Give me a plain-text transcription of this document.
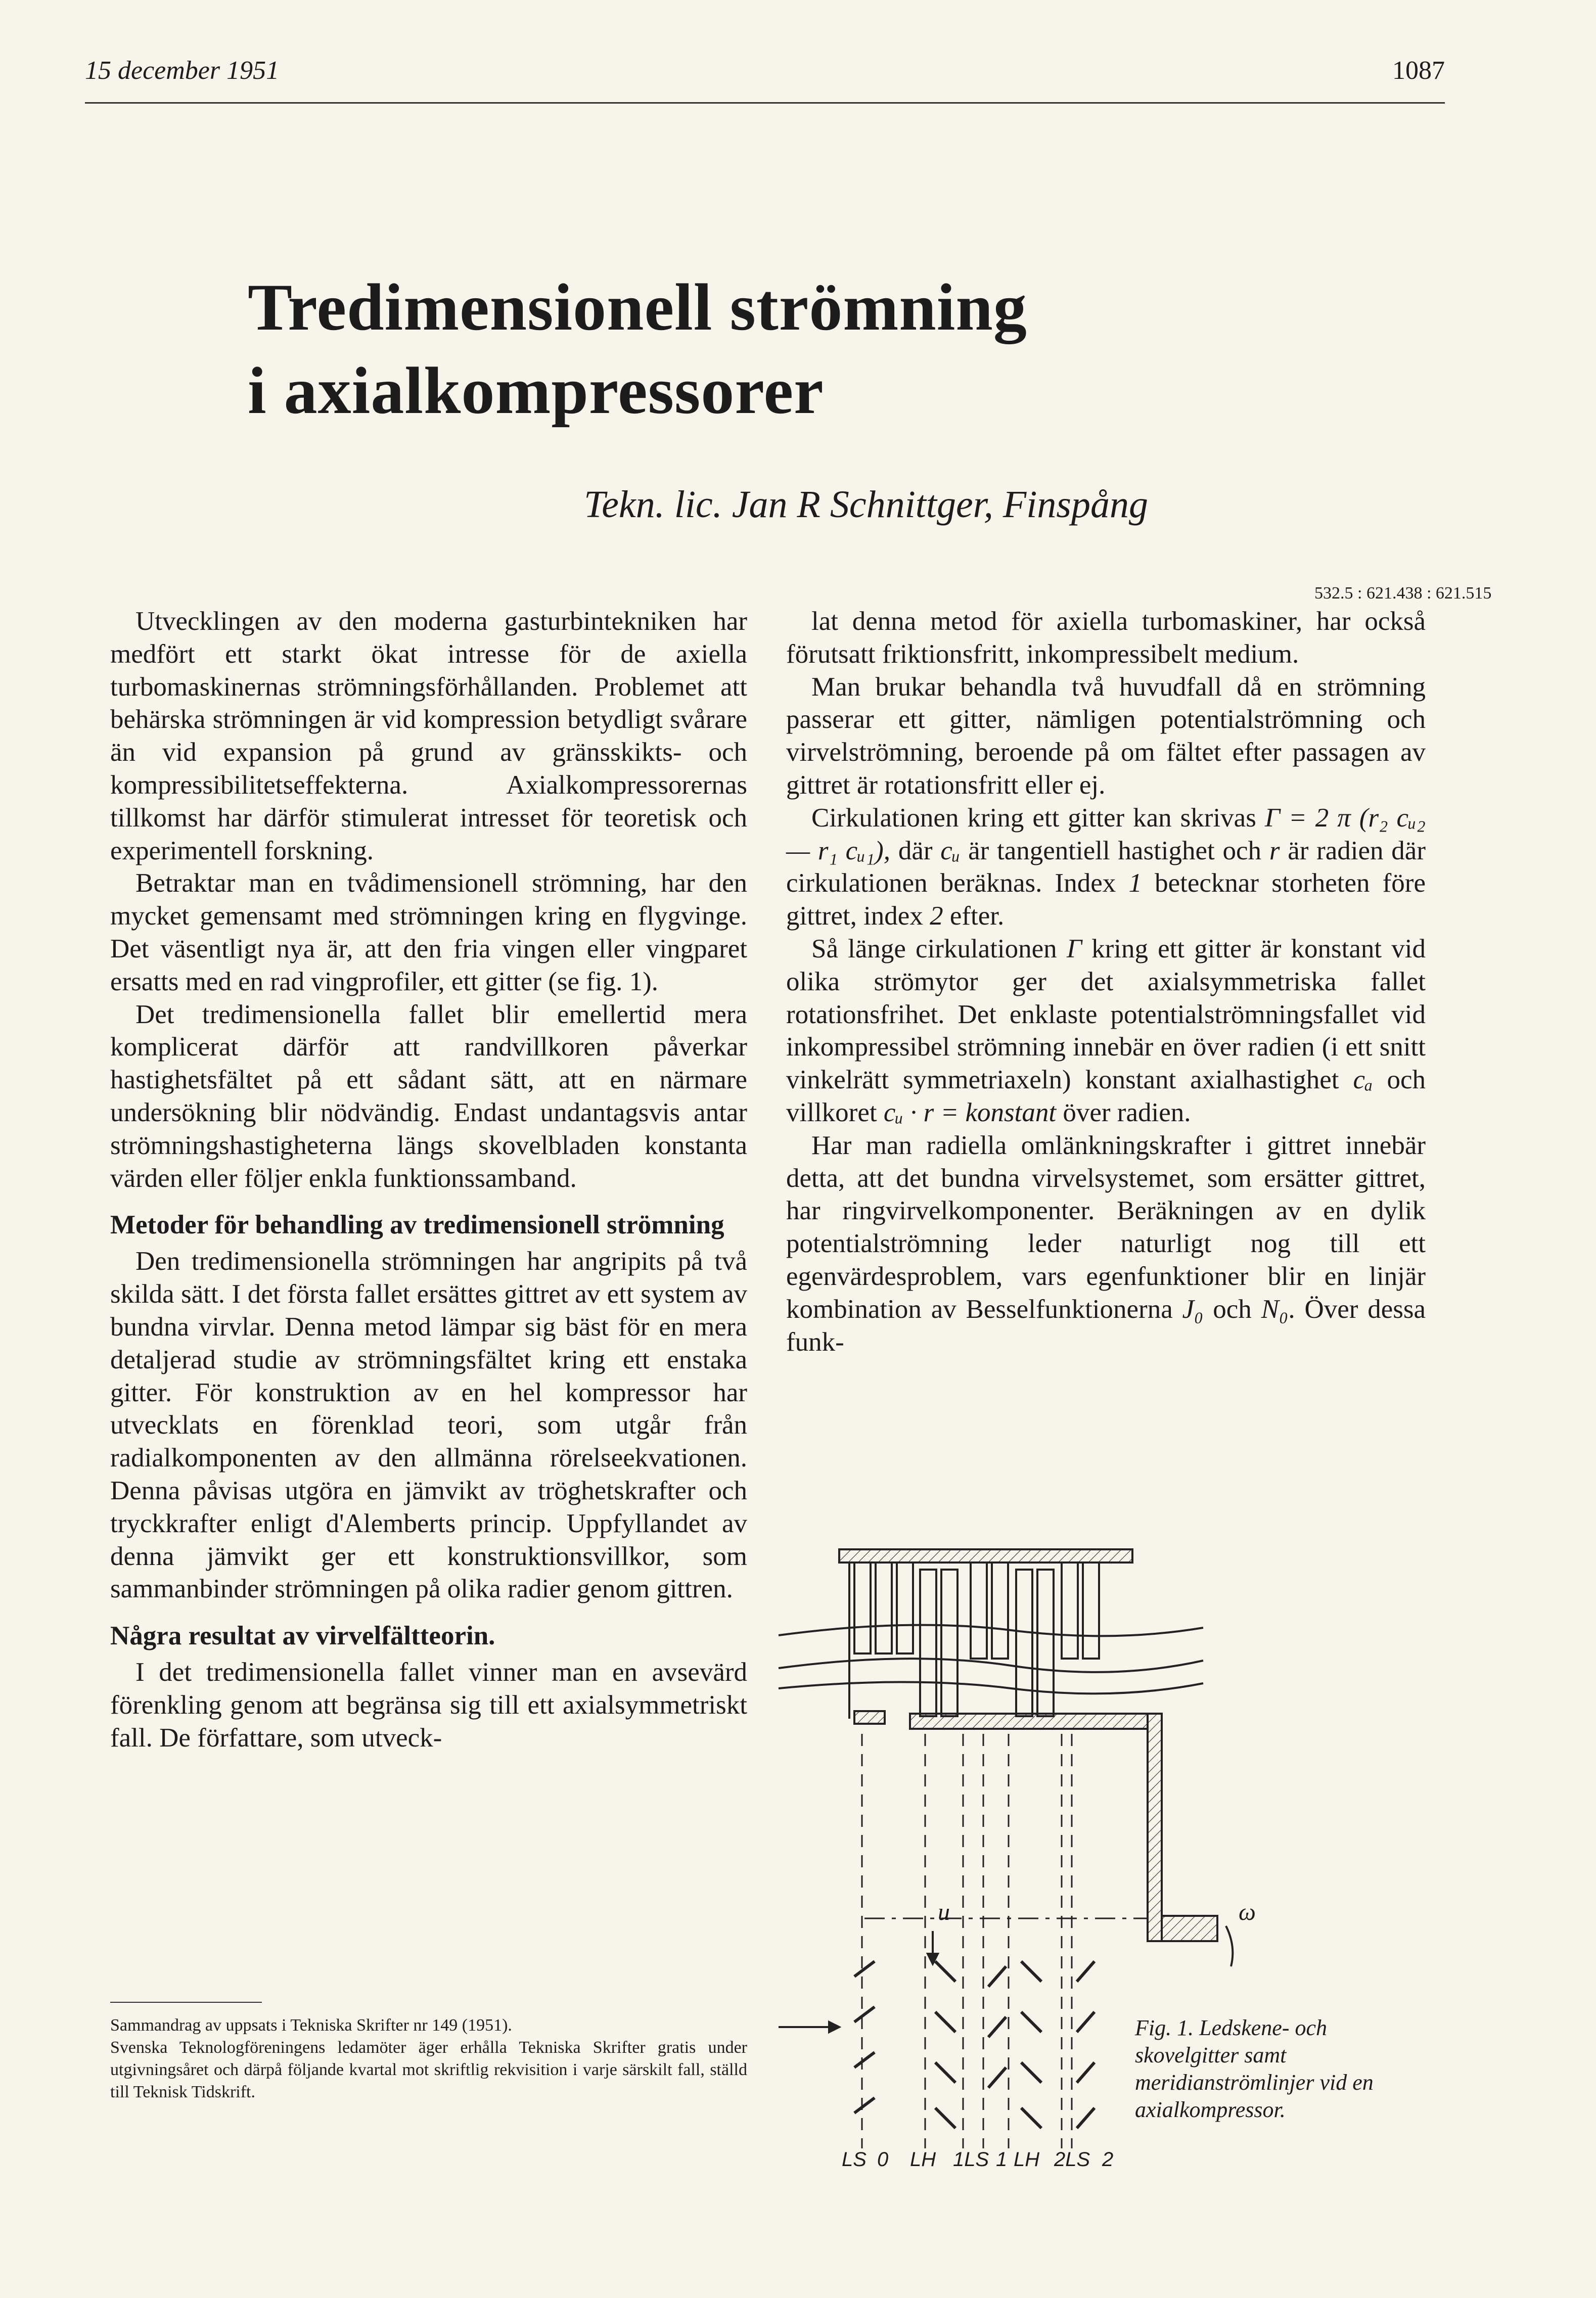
15 december 1951	1087
Tredimensionell strömning
i axialkompressorer
Tekn. lic. Jan R Schnittger, Finspång
532.5 : 621.438 : 621.515

Utvecklingen av den moderna gasturbintekniken har medfört ett starkt ökat intresse för de axiella turbomaskinernas strömningsförhållanden. Problemet att behärska strömningen är vid kompression betydligt svårare än vid expansion på grund av gränsskikts- och kompressibilitetseffekterna. Axialkompressorernas tillkomst har därför stimulerat intresset för teoretisk och experimentell forskning.

Betraktar man en tvådimensionell strömning, har den mycket gemensamt med strömningen kring en flygvinge. Det väsentligt nya är, att den fria vingen eller vingparet ersatts med en rad vingprofiler, ett gitter (se fig. 1).

Det tredimensionella fallet blir emellertid mera komplicerat därför att randvillkoren påverkar hastighetsfältet på ett sådant sätt, att en närmare undersökning blir nödvändig. Endast undantagsvis antar strömningshastigheterna längs skovelbladen konstanta värden eller följer enkla funktionssamband.

Metoder för behandling av tredimensionell strömning

Den tredimensionella strömningen har angripits på två skilda sätt. I det första fallet ersättes gittret av ett system av bundna virvlar. Denna metod lämpar sig bäst för en mera detaljerad studie av strömningsfältet kring ett enstaka gitter. För konstruktion av en hel kompressor har utvecklats en förenklad teori, som utgår från radialkomponenten av den allmänna rörelseekvationen. Denna påvisas utgöra en jämvikt av tröghetskrafter och tryckkrafter enligt d'Alemberts princip. Uppfyllandet av denna jämvikt ger ett konstruktionsvillkor, som sammanbinder strömningen på olika radier genom gittren.

Några resultat av virvelfältteorin.

I det tredimensionella fallet vinner man en avsevärd förenkling genom att begränsa sig till ett axialsymmetriskt fall. De författare, som utveck-

Sammandrag av uppsats i Tekniska Skrifter nr 149 (1951).

Svenska Teknologföreningens ledamöter äger erhålla Tekniska Skrifter gratis under utgivningsåret och därpå följande kvartal mot skriftlig rekvisition i varje särskilt fall, ställd till Teknisk Tidskrift.

lat denna metod för axiella turbomaskiner, har också förutsatt friktionsfritt, inkompressibelt medium.

Man brukar behandla två huvudfall då en strömning passerar ett gitter, nämligen potentialströmning och virvelströmning, beroende på om fältet efter passagen av gittret är rotationsfritt eller ej.

Cirkulationen kring ett gitter kan skrivas Γ = 2 π (r₂ cᵤ₂ — r₁ cᵤ₁), där cᵤ är tangentiell hastighet och r är radien där cirkulationen beräknas. Index 1 betecknar storheten före gittret, index 2 efter.

Så länge cirkulationen Γ kring ett gitter är konstant vid olika strömytor ger det axialsymmetriska fallet rotationsfrihet. Det enklaste potentialströmningsfallet vid inkompressibel strömning innebär en över radien (i ett snitt vinkelrätt symmetriaxeln) konstant axialhastighet cₐ och villkoret cᵤ · r = konstant över radien.

Har man radiella omlänkningskrafter i gittret innebär detta, att det bundna virvelsystemet, som ersätter gittret, har ringvirvelkomponenter. Beräkningen av en dylik potentialströmning leder naturligt nog till ett egenvärdesproblem, vars egenfunktioner blir en linjär kombination av Besselfunktionerna J₀ och N₀. Över dessa funk-

u	ω
LS 0 LH 1LS 1 LH 2LS 2
Fig. 1. Ledskene- och skovelgitter samt meridianströmlinjer vid en axialkompressor.
